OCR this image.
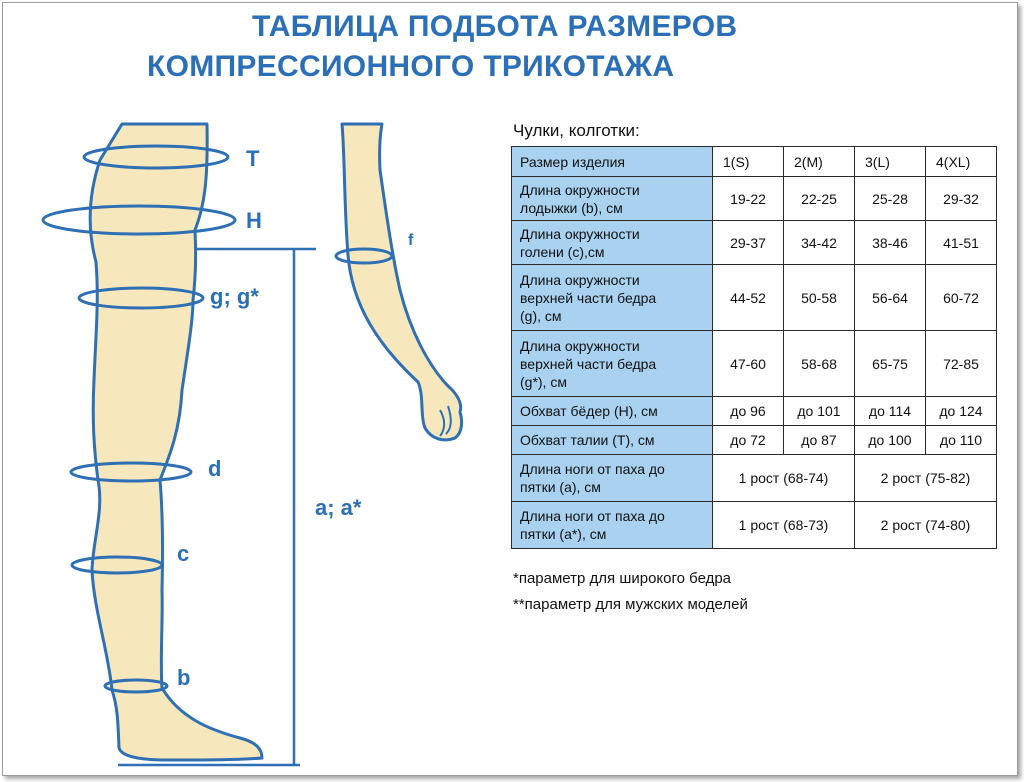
ТАБЛИЦА ПОДБОТА РАЗМЕРОВ
КОМПРЕССИОННОГО ТРИКОТАЖА
T
H
g; g*
d
c
b
a; a*
f
Чулки, колготки:
Размер изделия	1(S)	2(M)	3(L)	4(XL)

Длина окружности
лодыжки (b), см	19-22	22-25	25-28	29-32

Длина окружности
голени (c),см	29-37	34-42	38-46	41-51

Длина окружности
верхней части бедра
(g), см	44-52	50-58	56-64	60-72

Длина окружности
верхней части бедра
(g*), см	47-60	58-68	65-75	72-85

Обхват бёдер (H), см	до 96	до 101	до 114	до 124

Обхват талии (T), см	до 72	до 87	до 100	до 110

Длина ноги от паха до
пятки (a), см	1 рост (68-74)		2 рост (75-82)	

Длина ноги от паха до
пятки (a*), см	1 рост (68-73)		2 рост (74-80)	
*параметр для широкого бедра
**параметр для мужских моделей
